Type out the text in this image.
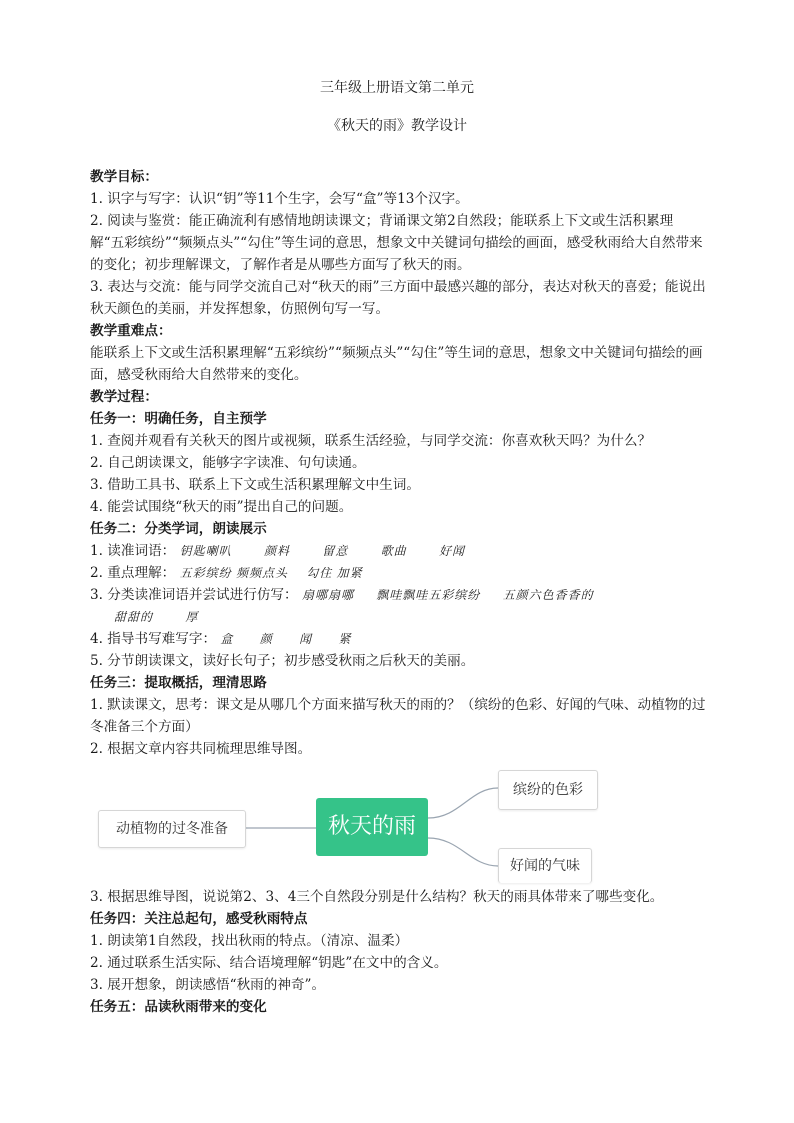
三年级上册语文第二单元
《秋天的雨》教学设计

教学目标：

1. 识字与写字：认识“钥”等11个生字，会写“盒”等13个汉字。

2. 阅读与鉴赏：能正确流利有感情地朗读课文；背诵课文第2自然段；能联系上下文或生活积累理解“五彩缤纷”“频频点头”“勾住”等生词的意思，想象文中关键词句描绘的画面，感受秋雨给大自然带来的变化；初步理解课文，了解作者是从哪些方面写了秋天的雨。

3. 表达与交流：能与同学交流自己对“秋天的雨”三方面中最感兴趣的部分，表达对秋天的喜爱；能说出秋天颜色的美丽，并发挥想象，仿照例句写一写。

教学重难点：

能联系上下文或生活积累理解“五彩缤纷”“频频点头”“勾住”等生词的意思，想象文中关键词句描绘的画面，感受秋雨给大自然带来的变化。

教学过程：

任务一：明确任务，自主预学

1. 查阅并观看有关秋天的图片或视频，联系生活经验，与同学交流：你喜欢秋天吗？为什么？

2. 自己朗读课文，能够字字读准、句句读通。

3. 借助工具书、联系上下文或生活积累理解文中生词。

4. 能尝试围绕“秋天的雨”提出自己的问题。

任务二：分类学词，朗读展示

1. 读准词语： 钥匙喇叭	颜料	留意	歌曲	好闻

2. 重点理解： 五彩缤纷 频频点头 勾住 加紧

3. 分类读准词语并尝试进行仿写： 扇哪扇哪 飘哇飘哇五彩缤纷 五颜六色香香的

甜甜的	厚

4. 指导书写难写字： 盒 颜 闻 紧

5. 分节朗读课文，读好长句子；初步感受秋雨之后秋天的美丽。

任务三：提取概括，理清思路

1. 默读课文，思考：课文是从哪几个方面来描写秋天的雨的？（缤纷的色彩、好闻的气味、动植物的过冬准备三个方面）

2. 根据文章内容共同梳理思维导图。

动植物的过冬准备	秋天的雨
缤纷的色彩
好闻的气味

3. 根据思维导图，说说第2、3、4三个自然段分别是什么结构？秋天的雨具体带来了哪些变化。

任务四：关注总起句，感受秋雨特点

1. 朗读第1自然段，找出秋雨的特点。（清凉、温柔）

2. 通过联系生活实际、结合语境理解“钥匙”在文中的含义。

3. 展开想象，朗读感悟“秋雨的神奇”。

任务五：品读秋雨带来的变化
